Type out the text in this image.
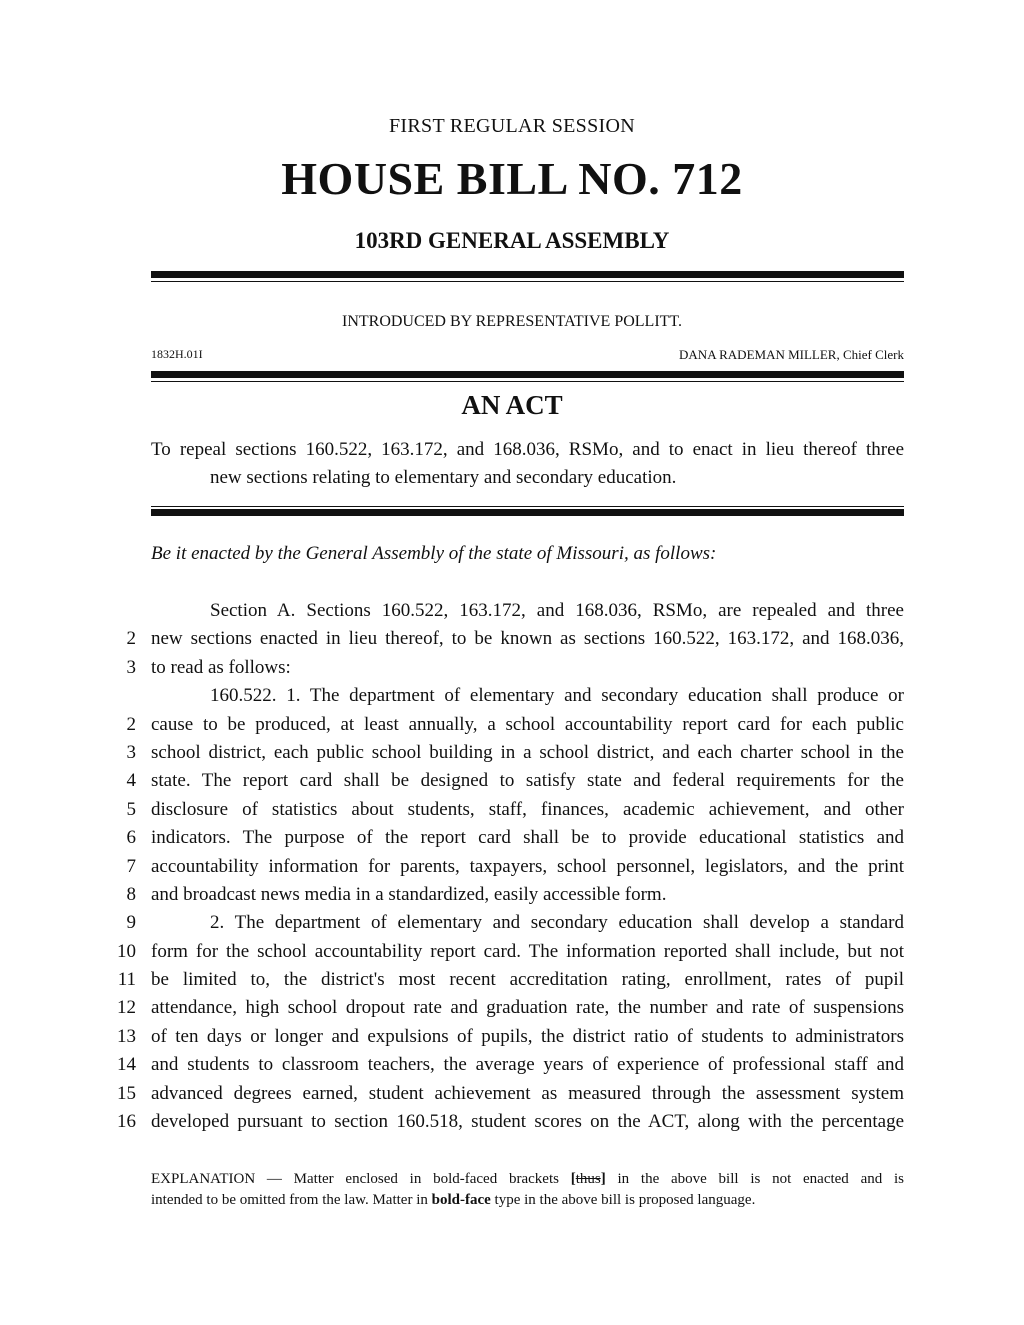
FIRST REGULAR SESSION
HOUSE BILL NO. 712
103RD GENERAL ASSEMBLY
INTRODUCED BY REPRESENTATIVE POLLITT.
1832H.01I	DANA RADEMAN MILLER, Chief Clerk
AN ACT
To repeal sections 160.522, 163.172, and 168.036, RSMo, and to enact in lieu thereof three
new sections relating to elementary and secondary education.
Be it enacted by the General Assembly of the state of Missouri, as follows:
Section A. Sections 160.522, 163.172, and 168.036, RSMo, are repealed and three
2 new sections enacted in lieu thereof, to be known as sections 160.522, 163.172, and 168.036,
3 to read as follows:
160.522. 1. The department of elementary and secondary education shall produce or
2 cause to be produced, at least annually, a school accountability report card for each public
3 school district, each public school building in a school district, and each charter school in the
4 state. The report card shall be designed to satisfy state and federal requirements for the
5 disclosure of statistics about students, staff, finances, academic achievement, and other
6 indicators. The purpose of the report card shall be to provide educational statistics and
7 accountability information for parents, taxpayers, school personnel, legislators, and the print
8 and broadcast news media in a standardized, easily accessible form.
9	2. The department of elementary and secondary education shall develop a standard
10 form for the school accountability report card. The information reported shall include, but not
11 be limited to, the district's most recent accreditation rating, enrollment, rates of pupil
12 attendance, high school dropout rate and graduation rate, the number and rate of suspensions
13 of ten days or longer and expulsions of pupils, the district ratio of students to administrators
14 and students to classroom teachers, the average years of experience of professional staff and
15 advanced degrees earned, student achievement as measured through the assessment system
16 developed pursuant to section 160.518, student scores on the ACT, along with the percentage
EXPLANATION — Matter enclosed in bold-faced brackets [thus] in the above bill is not enacted and is
intended to be omitted from the law. Matter in bold-face type in the above bill is proposed language.
